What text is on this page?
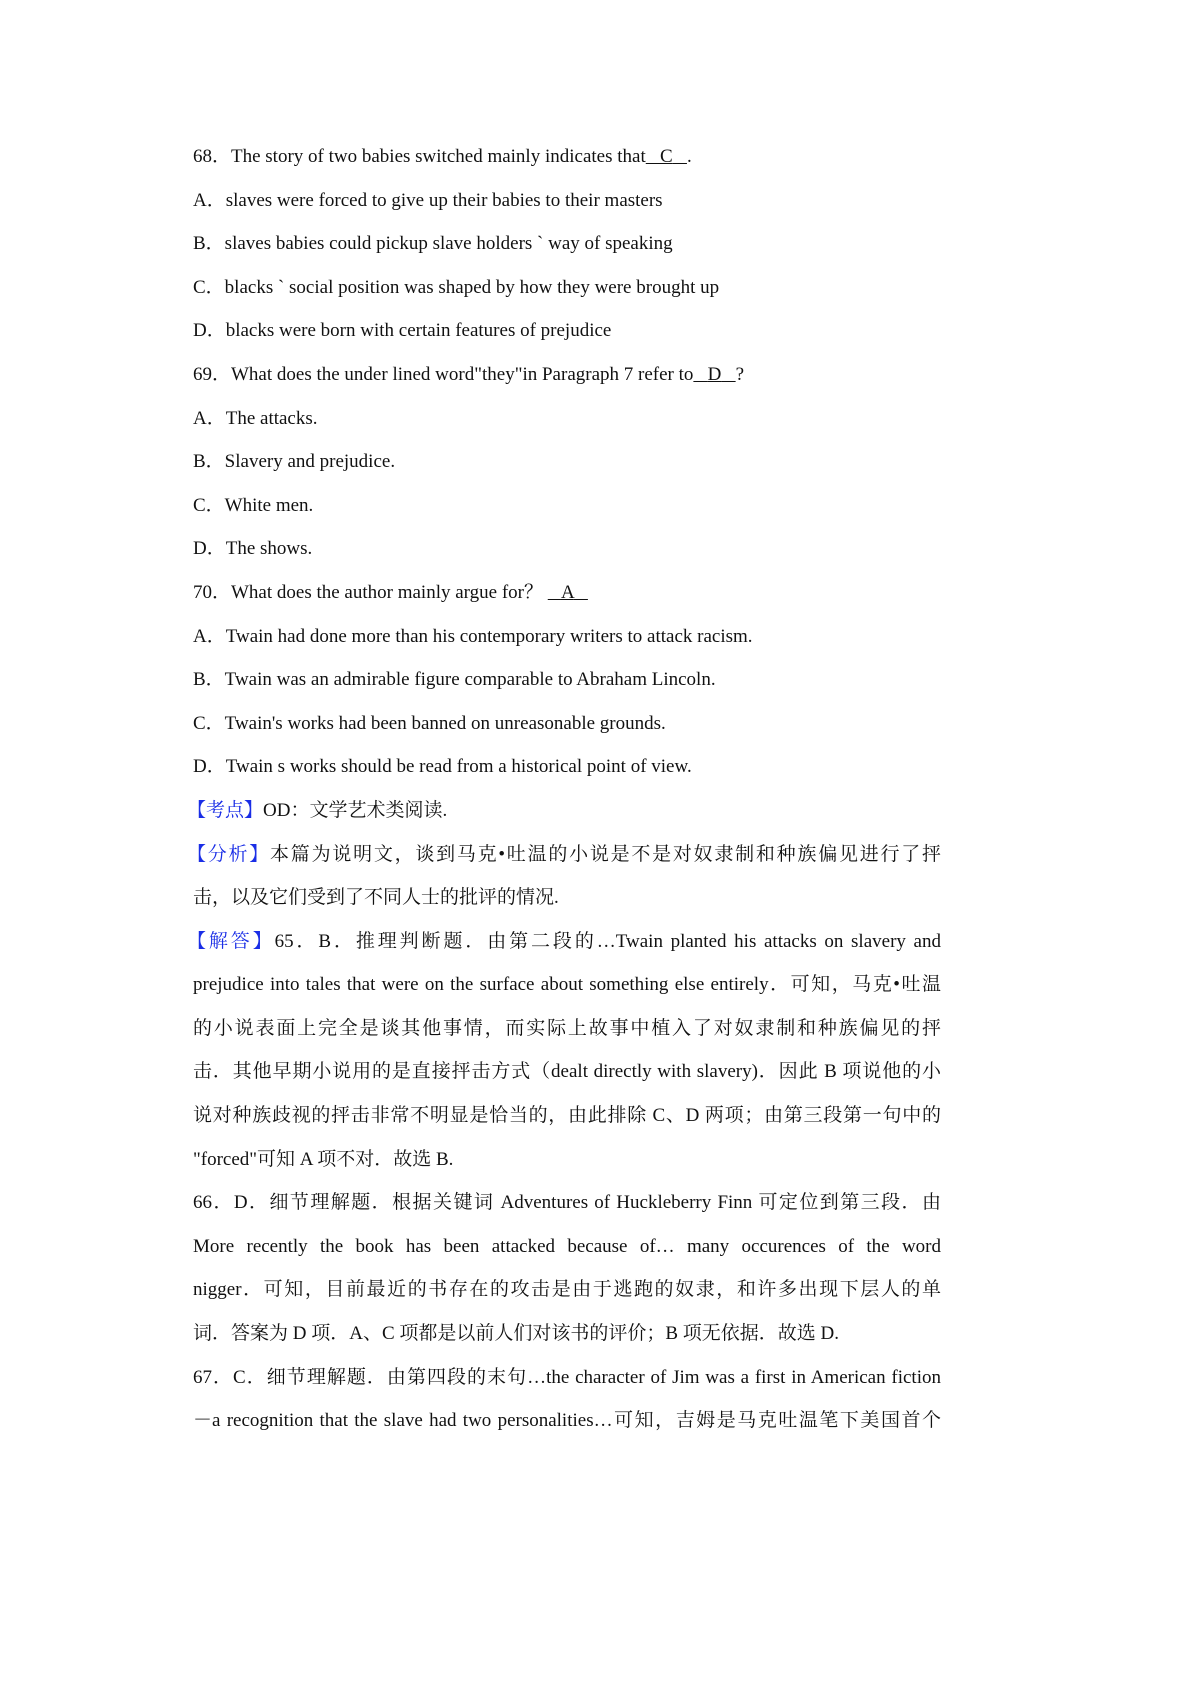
68．The story of two babies switched mainly indicates that C .
A．slaves were forced to give up their babies to their masters
B．slaves babies could pickup slave holders ˋ way of speaking
C．blacks ˋ social position was shaped by how they were brought up
D．blacks were born with certain features of prejudice
69．What does the under lined word"they"in Paragraph 7 refer to D ?
A．The attacks.
B．Slavery and prejudice.
C．White men.
D．The shows.
70．What does the author mainly argue for？ A
A．Twain had done more than his contemporary writers to attack racism.
B．Twain was an admirable figure comparable to Abraham Lincoln.
C．Twain's works had been banned on unreasonable grounds.
D．Twain s works should be read from a historical point of view.
【考点】OD：文学艺术类阅读.
【分析】本篇为说明文，谈到马克•吐温的小说是不是对奴隶制和种族偏见进行了抨
击，以及它们受到了不同人士的批评的情况.
【解答】65．B．推理判断题．由第二段的…Twain planted his attacks on slavery and
prejudice into tales that were on the surface about something else entirely．可知，马克•吐温
的小说表面上完全是谈其他事情，而实际上故事中植入了对奴隶制和种族偏见的抨
击．其他早期小说用的是直接抨击方式（dealt directly with slavery)．因此 B 项说他的小
说对种族歧视的抨击非常不明显是恰当的，由此排除 C、D 两项；由第三段第一句中的
"forced"可知 A 项不对．故选 B.
66．D．细节理解题．根据关键词 Adventures of Huckleberry Finn 可定位到第三段．由
More recently the book has been attacked because of… many occurences of the word
nigger．可知，目前最近的书存在的攻击是由于逃跑的奴隶，和许多出现下层人的单
词．答案为 D 项．A、C 项都是以前人们对该书的评价；B 项无依据．故选 D.
67．C．细节理解题．由第四段的末句…the character of Jim was a first in American fiction
－a recognition that the slave had two personalities…可知，吉姆是马克吐温笔下美国首个
